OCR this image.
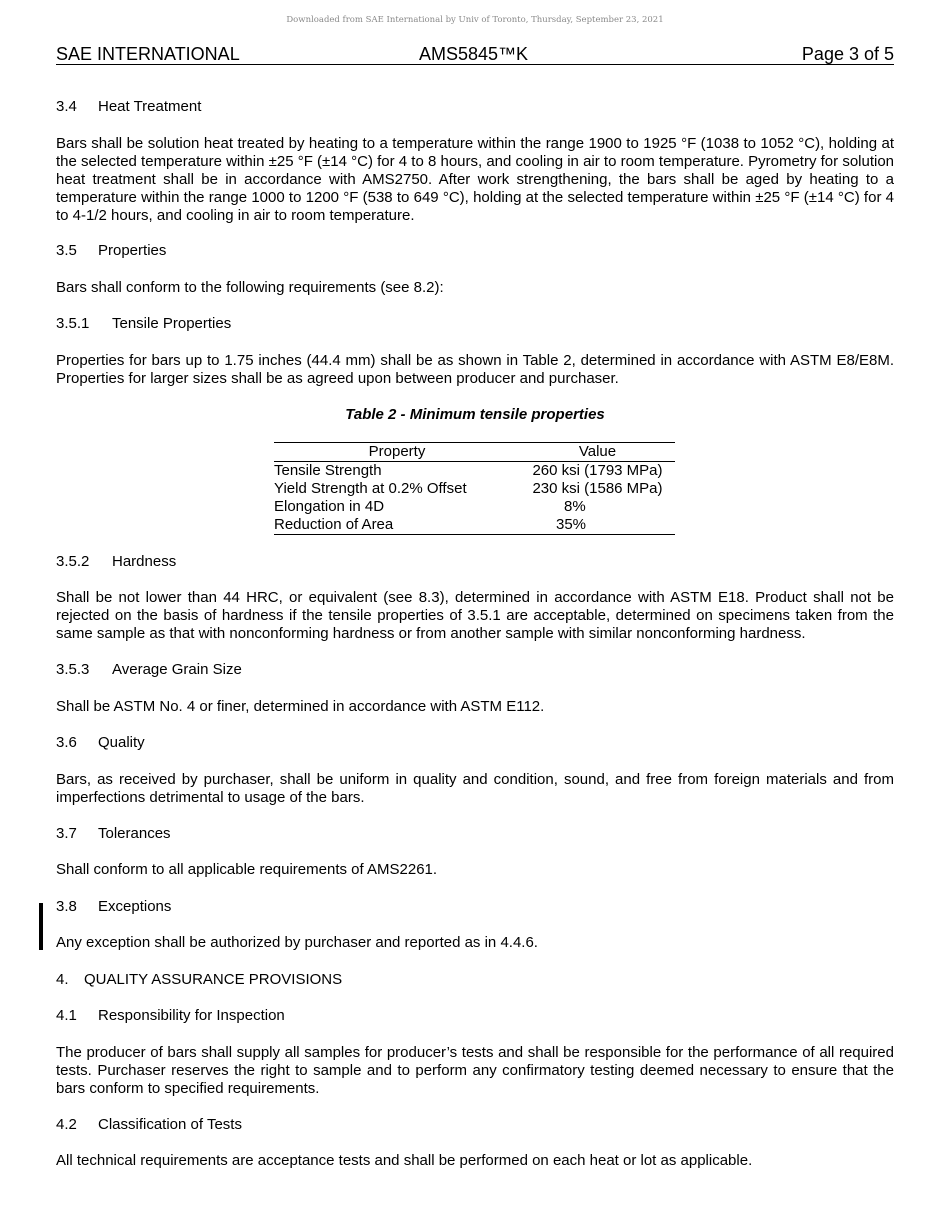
Downloaded from SAE International by Univ of Toronto, Thursday, September 23, 2021
SAE INTERNATIONAL	AMS5845™K	Page 3 of 5
3.4 Heat Treatment
Bars shall be solution heat treated by heating to a temperature within the range 1900 to 1925 °F (1038 to 1052 °C), holding at the selected temperature within ±25 °F (±14 °C) for 4 to 8 hours, and cooling in air to room temperature. Pyrometry for solution heat treatment shall be in accordance with AMS2750. After work strengthening, the bars shall be aged by heating to a temperature within the range 1000 to 1200 °F (538 to 649 °C), holding at the selected temperature within ±25 °F (±14 °C) for 4 to 4-1/2 hours, and cooling in air to room temperature.
3.5 Properties
Bars shall conform to the following requirements (see 8.2):
3.5.1 Tensile Properties
Properties for bars up to 1.75 inches (44.4 mm) shall be as shown in Table 2, determined in accordance with ASTM E8/E8M. Properties for larger sizes shall be as agreed upon between producer and purchaser.
Table 2 - Minimum tensile properties
Property	Value
Tensile Strength	260 ksi (1793 MPa)
Yield Strength at 0.2% Offset	230 ksi (1586 MPa)
Elongation in 4D	8%
Reduction of Area	35%
3.5.2 Hardness
Shall be not lower than 44 HRC, or equivalent (see 8.3), determined in accordance with ASTM E18. Product shall not be rejected on the basis of hardness if the tensile properties of 3.5.1 are acceptable, determined on specimens taken from the same sample as that with nonconforming hardness or from another sample with similar nonconforming hardness.
3.5.3 Average Grain Size
Shall be ASTM No. 4 or finer, determined in accordance with ASTM E112.
3.6 Quality
Bars, as received by purchaser, shall be uniform in quality and condition, sound, and free from foreign materials and from imperfections detrimental to usage of the bars.
3.7 Tolerances
Shall conform to all applicable requirements of AMS2261.
3.8 Exceptions
Any exception shall be authorized by purchaser and reported as in 4.4.6.
4. QUALITY ASSURANCE PROVISIONS
4.1 Responsibility for Inspection
The producer of bars shall supply all samples for producer’s tests and shall be responsible for the performance of all required tests. Purchaser reserves the right to sample and to perform any confirmatory testing deemed necessary to ensure that the bars conform to specified requirements.
4.2 Classification of Tests
All technical requirements are acceptance tests and shall be performed on each heat or lot as applicable.
